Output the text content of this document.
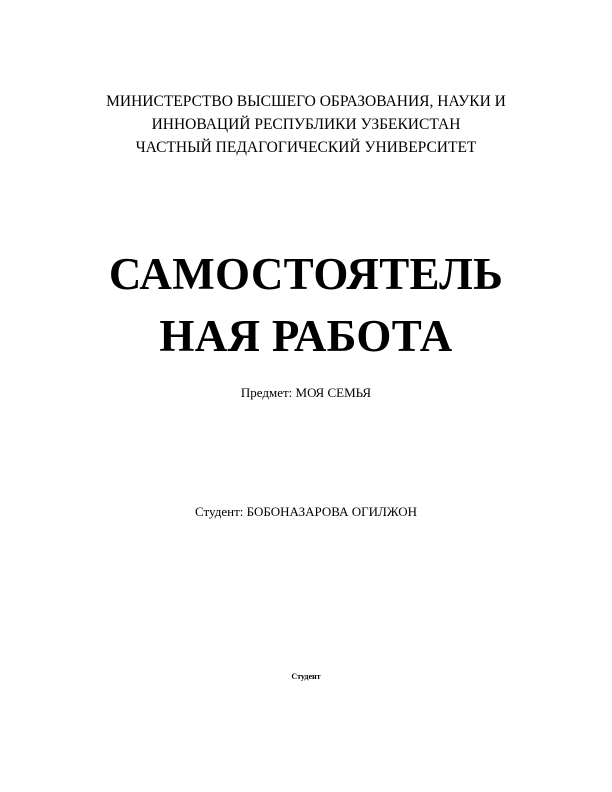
МИНИСТЕРСТВО ВЫСШЕГО ОБРАЗОВАНИЯ, НАУКИ И
ИННОВАЦИЙ РЕСПУБЛИКИ УЗБЕКИСТАН
ЧАСТНЫЙ ПЕДАГОГИЧЕСКИЙ УНИВЕРСИТЕТ
САМОСТОЯТЕЛЬ
НАЯ РАБОТА
Предмет: МОЯ СЕМЬЯ
Студент: БОБОНАЗАРОВА ОГИЛЖОН
Студент
